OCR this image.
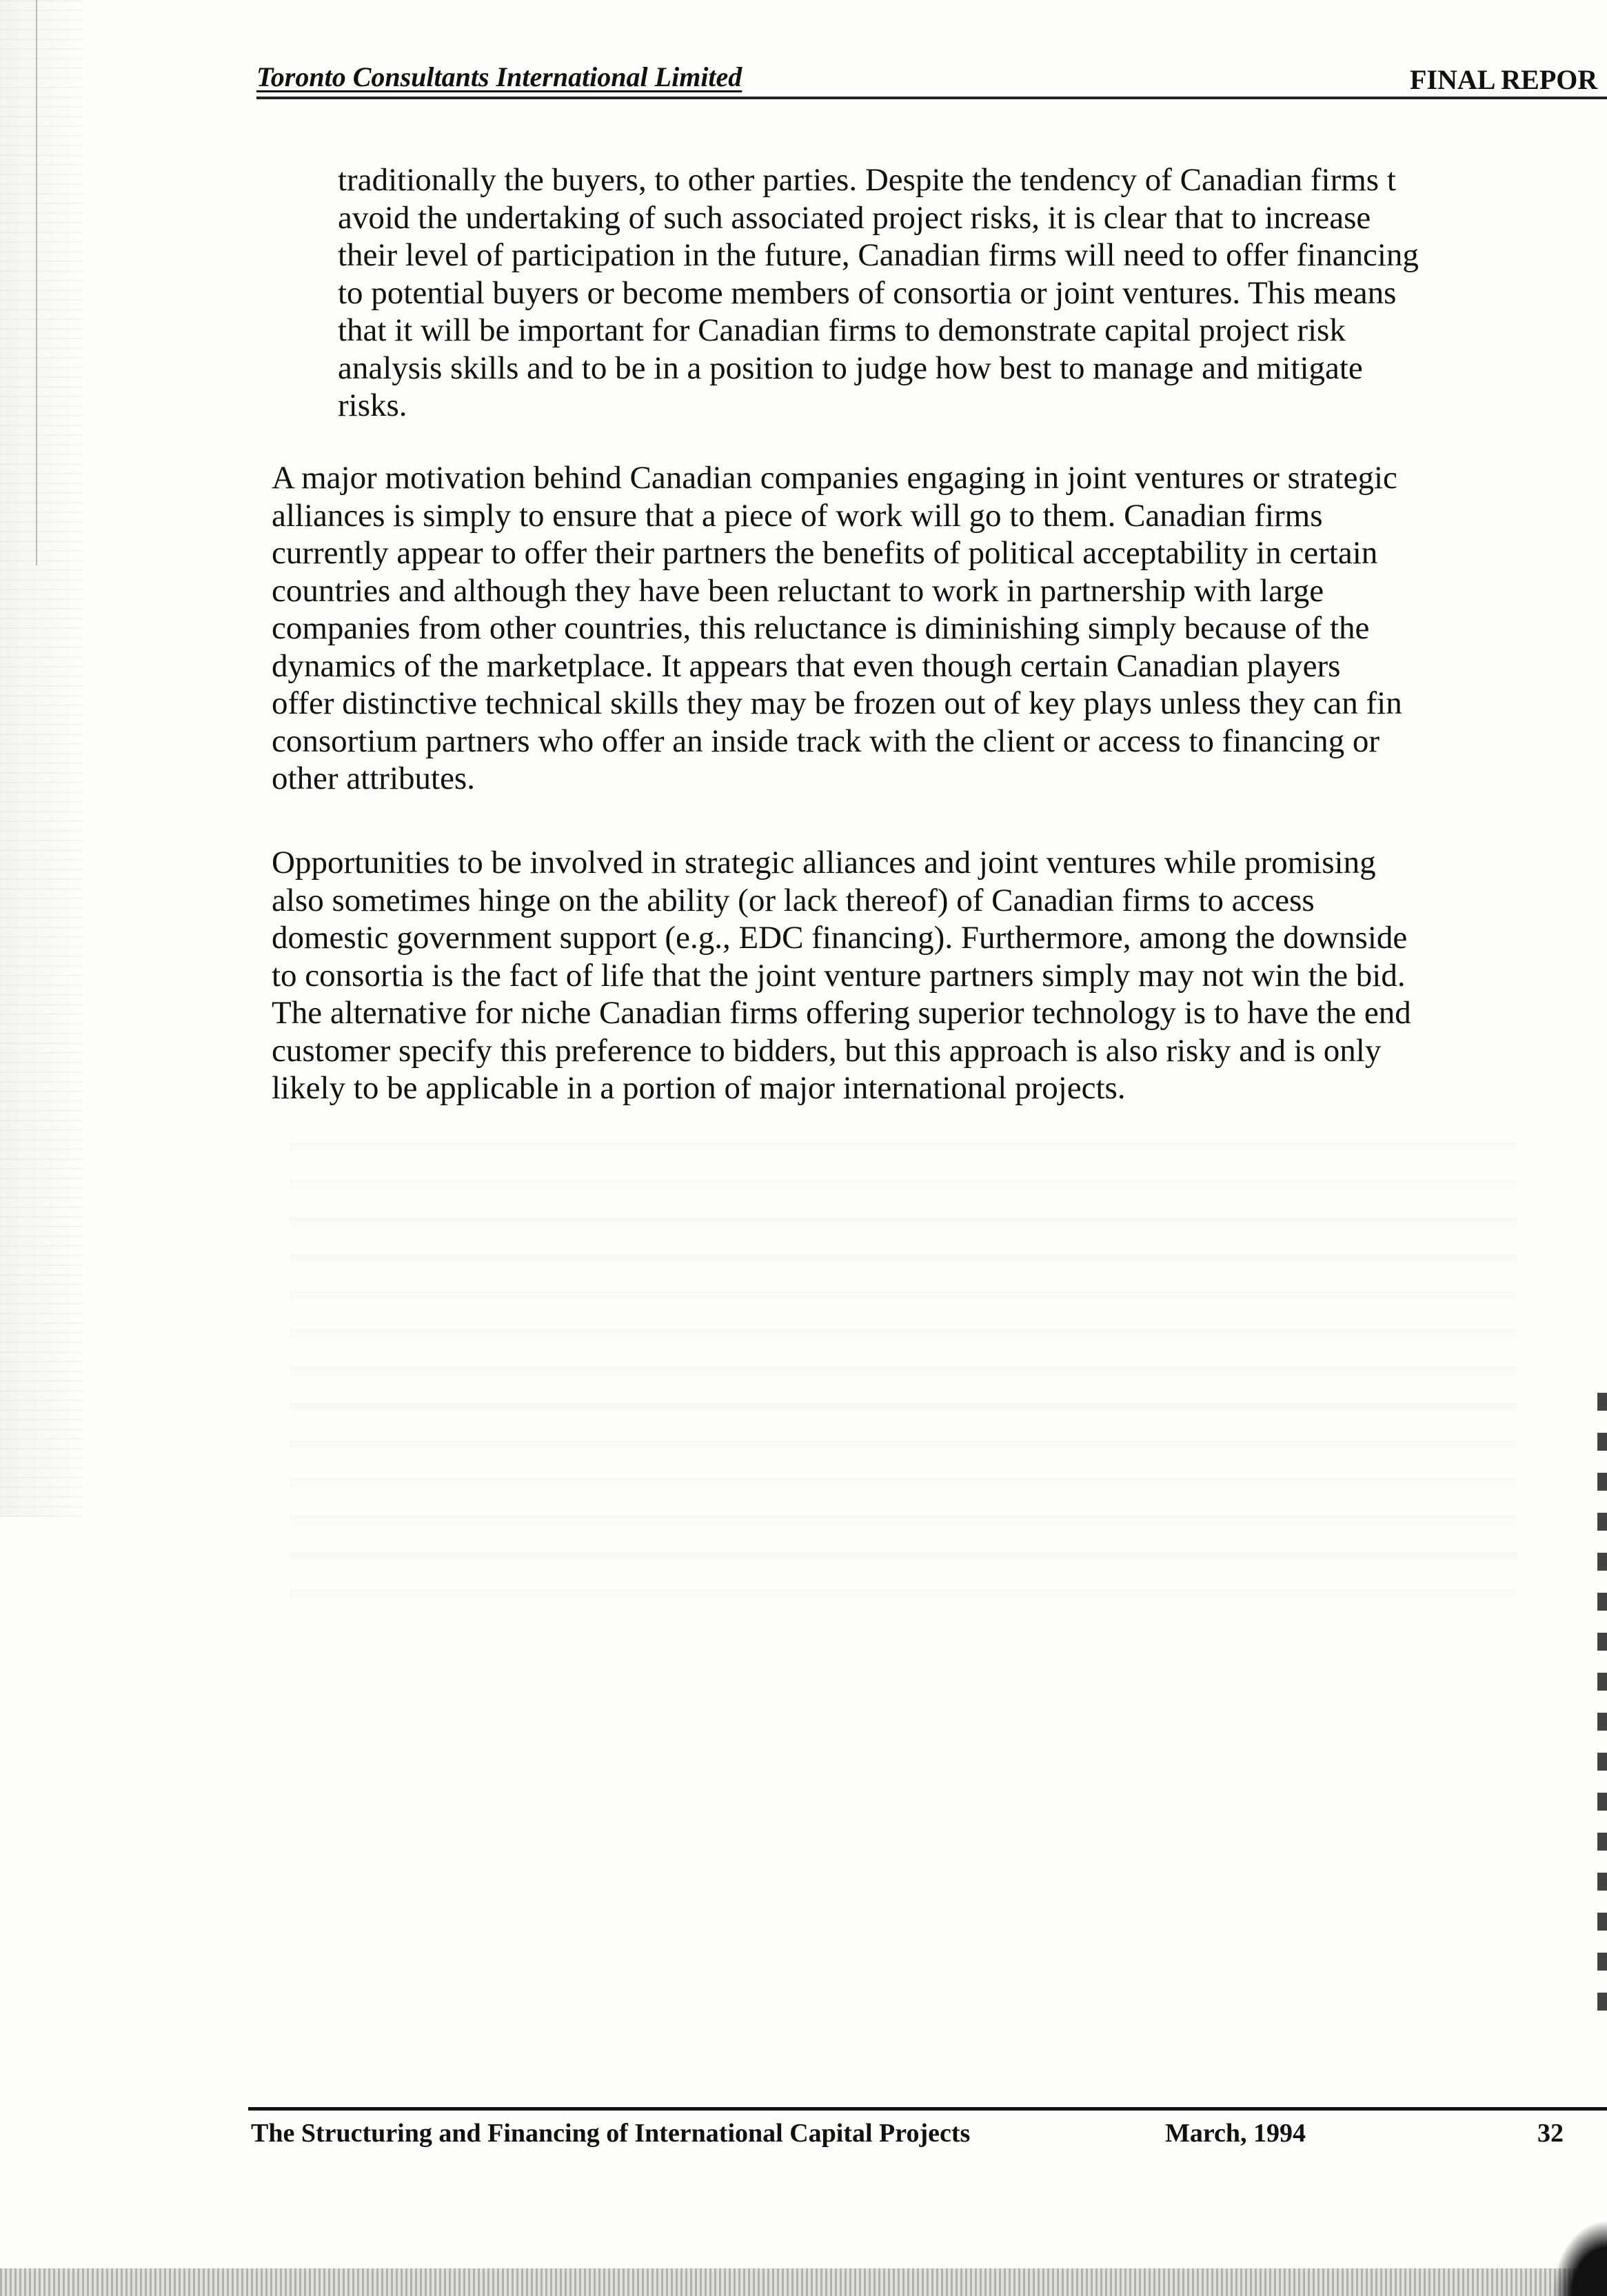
Toronto Consultants International Limited	FINAL REPOR

traditionally the buyers, to other parties. Despite the tendency of Canadian firms t
avoid the undertaking of such associated project risks, it is clear that to increase
their level of participation in the future, Canadian firms will need to offer financing
to potential buyers or become members of consortia or joint ventures. This means
that it will be important for Canadian firms to demonstrate capital project risk
analysis skills and to be in a position to judge how best to manage and mitigate
risks.

A major motivation behind Canadian companies engaging in joint ventures or strategic
alliances is simply to ensure that a piece of work will go to them. Canadian firms
currently appear to offer their partners the benefits of political acceptability in certain
countries and although they have been reluctant to work in partnership with large
companies from other countries, this reluctance is diminishing simply because of the
dynamics of the marketplace. It appears that even though certain Canadian players
offer distinctive technical skills they may be frozen out of key plays unless they can fin
consortium partners who offer an inside track with the client or access to financing or
other attributes.

Opportunities to be involved in strategic alliances and joint ventures while promising
also sometimes hinge on the ability (or lack thereof) of Canadian firms to access
domestic government support (e.g., EDC financing). Furthermore, among the downside
to consortia is the fact of life that the joint venture partners simply may not win the bid.
The alternative for niche Canadian firms offering superior technology is to have the end
customer specify this preference to bidders, but this approach is also risky and is only
likely to be applicable in a portion of major international projects.

The Structuring and Financing of International Capital Projects	March, 1994	32
